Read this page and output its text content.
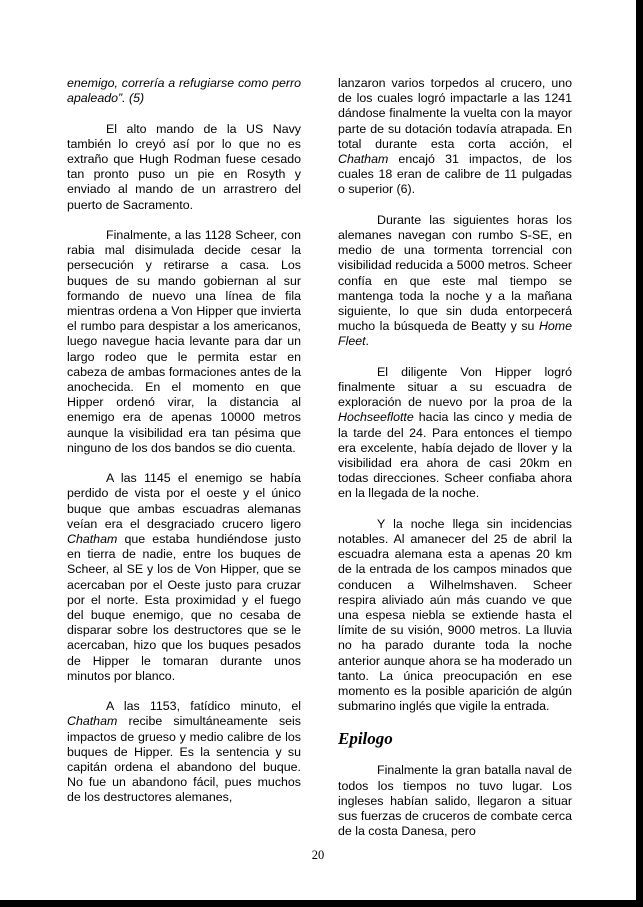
enemigo, correría a refugiarse como perro apaleado”. (5)

El alto mando de la US Navy también lo creyó así por lo que no es extraño que Hugh Rodman fuese cesado tan pronto puso un pie en Rosyth y enviado al mando de un arrastrero del puerto de Sacramento.

Finalmente, a las 1128 Scheer, con rabia mal disimulada decide cesar la persecución y retirarse a casa. Los buques de su mando gobiernan al sur formando de nuevo una línea de fila mientras ordena a Von Hipper que invierta el rumbo para despistar a los americanos, luego navegue hacia levante para dar un largo rodeo que le permita estar en cabeza de ambas formaciones antes de la anochecida. En el momento en que Hipper ordenó virar, la distancia al enemigo era de apenas 10000 metros aunque la visibilidad era tan pésima que ninguno de los dos bandos se dio cuenta.

A las 1145 el enemigo se había perdido de vista por el oeste y el único buque que ambas escuadras alemanas veían era el desgraciado crucero ligero Chatham que estaba hundiéndose justo en tierra de nadie, entre los buques de Scheer, al SE y los de Von Hipper, que se acercaban por el Oeste justo para cruzar por el norte. Esta proximidad y el fuego del buque enemigo, que no cesaba de disparar sobre los destructores que se le acercaban, hizo que los buques pesados de Hipper le tomaran durante unos minutos por blanco.

A las 1153, fatídico minuto, el Chatham recibe simultáneamente seis impactos de grueso y medio calibre de los buques de Hipper. Es la sentencia y su capitán ordena el abandono del buque. No fue un abandono fácil, pues muchos de los destructores alemanes,

lanzaron varios torpedos al crucero, uno de los cuales logró impactarle a las 1241 dándose finalmente la vuelta con la mayor parte de su dotación todavía atrapada. En total durante esta corta acción, el Chatham encajó 31 impactos, de los cuales 18 eran de calibre de 11 pulgadas o superior (6).

Durante las siguientes horas los alemanes navegan con rumbo S-SE, en medio de una tormenta torrencial con visibilidad reducida a 5000 metros. Scheer confía en que este mal tiempo se mantenga toda la noche y a la mañana siguiente, lo que sin duda entorpecerá mucho la búsqueda de Beatty y su Home Fleet.

El diligente Von Hipper logró finalmente situar a su escuadra de exploración de nuevo por la proa de la Hochseeflotte hacia las cinco y media de la tarde del 24. Para entonces el tiempo era excelente, había dejado de llover y la visibilidad era ahora de casi 20km en todas direcciones. Scheer confiaba ahora en la llegada de la noche.

Y la noche llega sin incidencias notables. Al amanecer del 25 de abril la escuadra alemana esta a apenas 20 km de la entrada de los campos minados que conducen a Wilhelmshaven. Scheer respira aliviado aún más cuando ve que una espesa niebla se extiende hasta el límite de su visión, 9000 metros. La lluvia no ha parado durante toda la noche anterior aunque ahora se ha moderado un tanto. La única preocupación en ese momento es la posible aparición de algún submarino inglés que vigile la entrada.

Epilogo

Finalmente la gran batalla naval de todos los tiempos no tuvo lugar. Los ingleses habían salido, llegaron a situar sus fuerzas de cruceros de combate cerca de la costa Danesa, pero

20
